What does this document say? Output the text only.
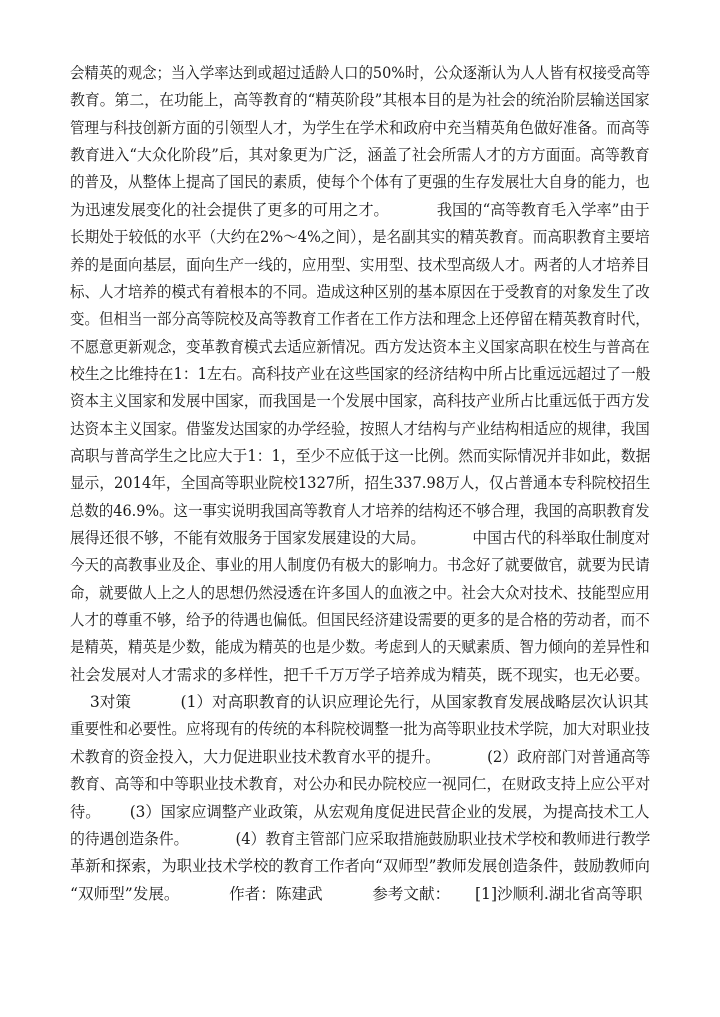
会精英的观念；当入学率达到或超过适龄人口的50%时，公众逐渐认为人人皆有权接受高等
教育。第二，在功能上，高等教育的“精英阶段”其根本目的是为社会的统治阶层输送国家
管理与科技创新方面的引领型人才，为学生在学术和政府中充当精英角色做好准备。而高等
教育进入“大众化阶段”后，其对象更为广泛，涵盖了社会所需人才的方方面面。高等教育
的普及，从整体上提高了国民的素质，使每个个体有了更强的生存发展壮大自身的能力，也
为迅速发展变化的社会提供了更多的可用之才。          我国的“高等教育毛入学率”由于
长期处于较低的水平（大约在2%～4%之间），是名副其实的精英教育。而高职教育主要培
养的是面向基层，面向生产一线的，应用型、实用型、技术型高级人才。两者的人才培养目
标、人才培养的模式有着根本的不同。造成这种区别的基本原因在于受教育的对象发生了改
变。但相当一部分高等院校及高等教育工作者在工作方法和理念上还停留在精英教育时代，
不愿意更新观念，变革教育模式去适应新情况。西方发达资本主义国家高职在校生与普高在
校生之比维持在1：1左右。高科技产业在这些国家的经济结构中所占比重远远超过了一般
资本主义国家和发展中国家，而我国是一个发展中国家，高科技产业所占比重远低于西方发
达资本主义国家。借鉴发达国家的办学经验，按照人才结构与产业结构相适应的规律，我国
高职与普高学生之比应大于1：1，至少不应低于这一比例。然而实际情况并非如此，数据
显示，2014年，全国高等职业院校1327所，招生337.98万人，仅占普通本专科院校招生
总数的46.9%。这一事实说明我国高等教育人才培养的结构还不够合理，我国的高职教育发
展得还很不够，不能有效服务于国家发展建设的大局。          中国古代的科举取仕制度对
今天的高教事业及企、事业的用人制度仍有极大的影响力。书念好了就要做官，就要为民请
命，就要做人上之人的思想仍然浸透在许多国人的血液之中。社会大众对技术、技能型应用
人才的尊重不够，给予的待遇也偏低。但国民经济建设需要的更多的是合格的劳动者，而不
是精英，精英是少数，能成为精英的也是少数。考虑到人的天赋素质、智力倾向的差异性和
社会发展对人才需求的多样性，把千千万万学子培养成为精英，既不现实，也无必要。
3对策          (1）对高职教育的认识应理论先行，从国家教育发展战略层次认识其
重要性和必要性。应将现有的传统的本科院校调整一批为高等职业技术学院，加大对职业技
术教育的资金投入，大力促进职业技术教育水平的提升。          (2）政府部门对普通高等
教育、高等和中等职业技术教育，对公办和民办院校应一视同仁，在财政支持上应公平对
待。      (3）国家应调整产业政策，从宏观角度促进民营企业的发展，为提高技术工人
的待遇创造条件。          (4）教育主管部门应采取措施鼓励职业技术学校和教师进行教学
革新和探索，为职业技术学校的教育工作者向“双师型”教师发展创造条件，鼓励教师向
“双师型”发展。          作者：陈建武          参考文献：     [1]沙顺利.湖北省高等职
